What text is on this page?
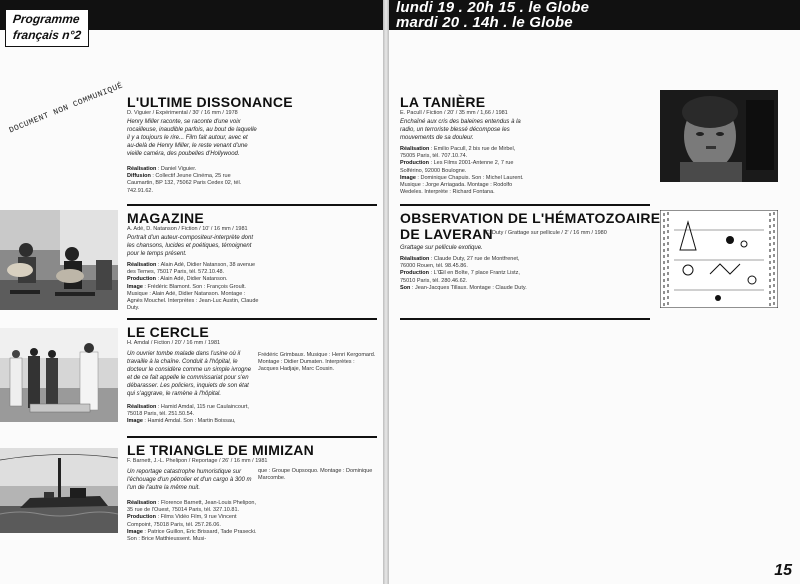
Programme
français n°2
lundi 19 . 20h 15 . le Globe
mardi 20 . 14h . le Globe
DOCUMENT NON COMMUNIQUÉ L'ULTIME DISSONANCE
D. Viguier / Expérimental / 30' / 16 mm / 1978
Henry Miller raconte, se raconte d'une voix rocailleuse, inaudible parfois, au bout de laquelle il y a toujours le rire... Film fait autour, avec et au-delà de Henry Miller, le reste venant d'une vieille caméra, des poubelles d'Hollywood.
Réalisation : Daniel Viguier.
Diffusion : Collectif Jeune Cinéma, 25 rue Caumartin, BP 132, 75062 Paris Cedex 02, tél. 742.91.62.
MAGAZINE
A. Adé, D. Natanson / Fiction / 10' / 16 mm / 1981
Portrait d'un auteur-compositeur-interprète dont les chansons, lucides et poétiques, témoignent pour le temps présent.
Réalisation : Alain Adé, Didier Natanson, 38 avenue des Ternes, 75017 Paris, tél. 572.10.48.
Production : Alain Adé, Didier Natanson.
Image : Frédéric Blamont. Son : François Groult. Musique : Alain Adé, Didier Natanson. Montage : Agnès Mouchel. Interprètes : Jean-Luc Austin, Claude Duty.
LE CERCLE
H. Amdal / Fiction / 20' / 16 mm / 1981
Un ouvrier tombe malade dans l'usine où il travaille à la chaîne. Conduit à l'hôpital, le docteur le considère comme un simple ivrogne et de ce fait appelle le commissariat pour s'en débarasser. Les policiers, inquiets de son état qui s'aggrave, le ramène à l'hôpital.
Réalisation : Hamid Amdal, 115 rue Caulaincourt, 75018 Paris, tél. 251.50.54.
Image : Hamid Amdal. Son : Martin Boissau,
Frédéric Grimbaux. Musique : Henri Kergomard. Montage : Didier Dumaten. Interprètes : Jacques Hadjaje, Marc Cousin.
LE TRIANGLE DE MIMIZAN
F. Barnett, J.-L. Phelipon / Reportage / 26' / 16 mm / 1981
Un reportage catastrophe humoristique sur l'échouage d'un pétrolier et d'un cargo à 300 m l'un de l'autre la même nuit.
Réalisation : Florence Barnett, Jean-Louis Phelipon, 35 rue de l'Ouest, 75014 Paris, tél. 327.10.81.
Production : Films Vidéo Film, 9 rue Vincent Compoint, 75018 Paris, tél. 257.26.06.
Image : Patrice Guillon, Eric Brissard, Tade Prasecki. Son : Brice Matthieussent. Musi-
que : Groupe Oupsoquo. Montage : Dominique Marcombe.
LA TANIÈRE
E. Pacull / Fiction / 20' / 35 mm / 1,66 / 1981
Enchaîné aux cris des baleines entendus à la radio, un terroriste blessé décompose les mouvements de sa douleur.
Réalisation : Emilio Pacull, 2 bis rue de Mirbel, 75005 Paris, tél. 707.10.74.
Production : Les Films 2001-Antenne 2, 7 rue Solférino, 92000 Boulogne.
Image : Dominique Chapuis. Son : Michel Laurent. Musique : Jorge Arriagada. Montage : Rodolfo Wedeles. Interprète : Richard Fontana.
OBSERVATION DE L'HÉMATOZOAIRE
DE LAVERAN
C. Duty / Grattage sur pellicule / 2' / 16 mm / 1980
Grattage sur pellicule exotique.
Réalisation : Claude Duty, 27 rue de Montfrenet, 76000 Rouen, tél. 98.45.86.
Production : L'Œil en Boîte, 7 place Frantz Listz, 75010 Paris, tél. 280.46.62.
Son : Jean-Jacques Tillaux. Montage : Claude Duty.
15
